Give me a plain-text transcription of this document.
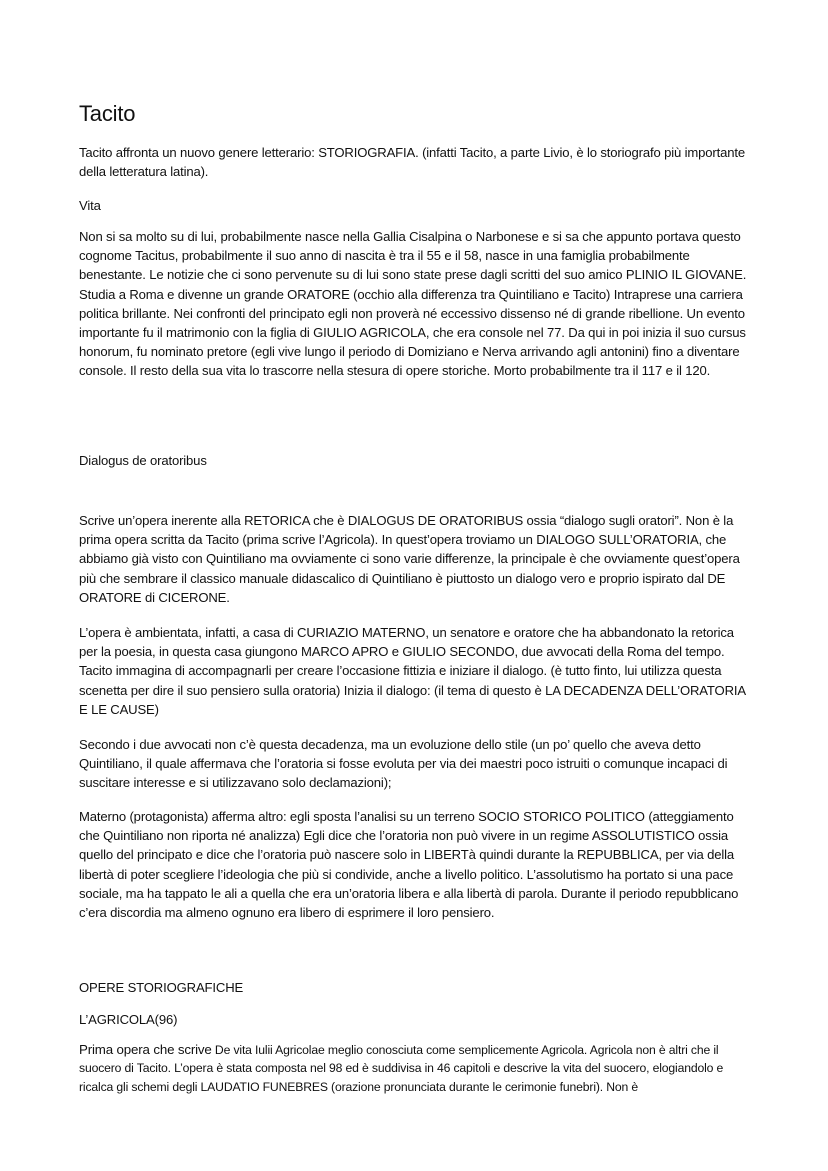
Tacito

Tacito affronta un nuovo genere letterario: STORIOGRAFIA. (infatti Tacito, a parte Livio, è lo storiografo più importante della letteratura latina).

Vita

Non si sa molto su di lui, probabilmente nasce nella Gallia Cisalpina o Narbonese e si sa che appunto portava questo cognome Tacitus, probabilmente il suo anno di nascita è tra il 55 e il 58, nasce in una famiglia probabilmente benestante. Le notizie che ci sono pervenute su di lui sono state prese dagli scritti del suo amico PLINIO IL GIOVANE. Studia a Roma e divenne un grande ORATORE (occhio alla differenza tra Quintiliano e Tacito) Intraprese una carriera politica brillante. Nei confronti del principato egli non proverà né eccessivo dissenso né di grande ribellione. Un evento importante fu il matrimonio con la figlia di GIULIO AGRICOLA, che era console nel 77. Da qui in poi inizia il suo cursus honorum, fu nominato pretore (egli vive lungo il periodo di Domiziano e Nerva arrivando agli antonini) fino a diventare console. Il resto della sua vita lo trascorre nella stesura di opere storiche. Morto probabilmente tra il 117 e il 120.

Dialogus de oratoribus

Scrive un’opera inerente alla RETORICA che è DIALOGUS DE ORATORIBUS ossia “dialogo sugli oratori”. Non è la prima opera scritta da Tacito (prima scrive l’Agricola). In quest’opera troviamo un DIALOGO SULL’ORATORIA, che abbiamo già visto con Quintiliano ma ovviamente ci sono varie differenze, la principale è che ovviamente quest’opera più che sembrare il classico manuale didascalico di Quintiliano è piuttosto un dialogo vero e proprio ispirato dal DE ORATORE di CICERONE.

L’opera è ambientata, infatti, a casa di CURIAZIO MATERNO, un senatore e oratore che ha abbandonato la retorica per la poesia, in questa casa giungono MARCO APRO e GIULIO SECONDO, due avvocati della Roma del tempo. Tacito immagina di accompagnarli per creare l’occasione fittizia e iniziare il dialogo. (è tutto finto, lui utilizza questa scenetta per dire il suo pensiero sulla oratoria) Inizia il dialogo: (il tema di questo è LA DECADENZA DELL’ORATORIA E LE CAUSE)

Secondo i due avvocati non c’è questa decadenza, ma un evoluzione dello stile (un po’ quello che aveva detto Quintiliano, il quale affermava che l’oratoria si fosse evoluta per via dei maestri poco istruiti o comunque incapaci di suscitare interesse e si utilizzavano solo declamazioni);

Materno (protagonista) afferma altro: egli sposta l’analisi su un terreno SOCIO STORICO POLITICO (atteggiamento che Quintiliano non riporta né analizza) Egli dice che l’oratoria non può vivere in un regime ASSOLUTISTICO ossia quello del principato e dice che l’oratoria può nascere solo in LIBERTà quindi durante la REPUBBLICA, per via della libertà di poter scegliere l’ideologia che più si condivide, anche a livello politico. L’assolutismo ha portato si una pace sociale, ma ha tappato le ali a quella che era un’oratoria libera e alla libertà di parola. Durante il periodo repubblicano c’era discordia ma almeno ognuno era libero di esprimere il loro pensiero.

OPERE STORIOGRAFICHE
L’AGRICOLA(96)

Prima opera che scrive De vita Iulii Agricolae meglio conosciuta come semplicemente Agricola. Agricola non è altri che il suocero di Tacito. L’opera è stata composta nel 98 ed è suddivisa in 46 capitoli e descrive la vita del suocero, elogiandolo e ricalca gli schemi degli LAUDATIO FUNEBRES (orazione pronunciata durante le cerimonie funebri). Non è
